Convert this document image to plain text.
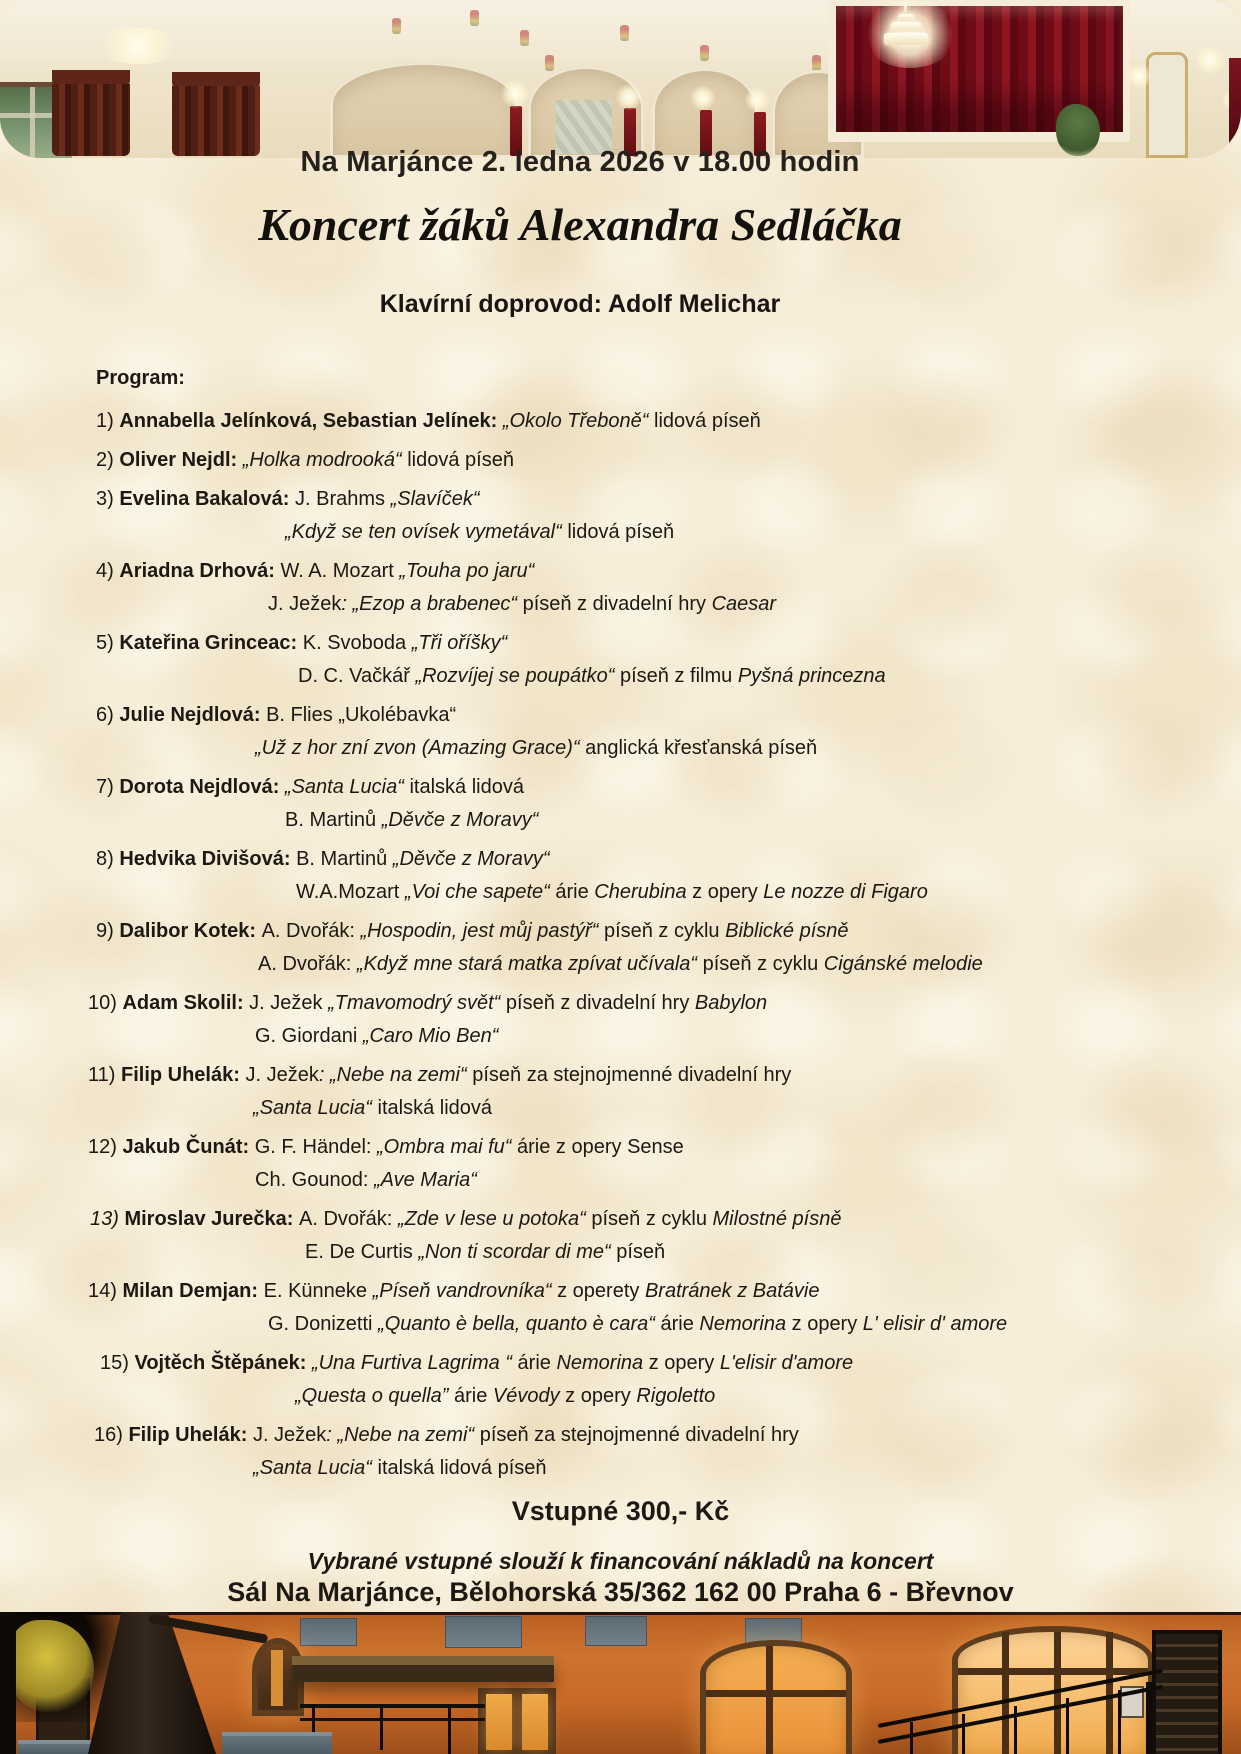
Na Marjánce 2. ledna 2026 v 18.00 hodin
Koncert žáků Alexandra Sedláčka
Klavírní doprovod: Adolf Melichar
Program:
1) Annabella Jelínková, Sebastian Jelínek: „Okolo Třeboně“ lidová píseň
2) Oliver Nejdl: „Holka modrooká“ lidová píseň
3) Evelina Bakalová: J. Brahms „Slavíček“
„Když se ten ovísek vymetával“ lidová píseň
4) Ariadna Drhová: W. A. Mozart „Touha po jaru“
J. Ježek: „Ezop a brabenec“ píseň z divadelní hry Caesar
5) Kateřina Grinceac: K. Svoboda „Tři oříšky“
D. C. Vačkář „Rozvíjej se poupátko“ píseň z filmu Pyšná princezna
6) Julie Nejdlová: B. Flies „Ukolébavka“
„Už z hor zní zvon (Amazing Grace)“ anglická křesťanská píseň
7) Dorota Nejdlová: „Santa Lucia“ italská lidová
B. Martinů „Děvče z Moravy“
8) Hedvika Divišová: B. Martinů „Děvče z Moravy“
W.A.Mozart „Voi che sapete“ árie Cherubina z opery Le nozze di Figaro
9) Dalibor Kotek: A. Dvořák: „Hospodin, jest můj pastýř“ píseň z cyklu Biblické písně
A. Dvořák: „Když mne stará matka zpívat učívala“ píseň z cyklu Cigánské melodie
10) Adam Skolil: J. Ježek „Tmavomodrý svět“ píseň z divadelní hry Babylon
G. Giordani „Caro Mio Ben“
11) Filip Uhelák: J. Ježek: „Nebe na zemi“ píseň za stejnojmenné divadelní hry
„Santa Lucia“ italská lidová
12) Jakub Čunát: G. F. Händel: „Ombra mai fu“ árie z opery Sense
Ch. Gounod: „Ave Maria“
13) Miroslav Jurečka: A. Dvořák: „Zde v lese u potoka“ píseň z cyklu Milostné písně
E. De Curtis „Non ti scordar di me“ píseň
14) Milan Demjan: E. Künneke „Píseň vandrovníka“ z operety Bratránek z Batávie
G. Donizetti „Quanto è bella, quanto è cara“ árie Nemorina z opery L' elisir d' amore
15) Vojtěch Štěpánek: „Una Furtiva Lagrima “ árie Nemorina z opery L'elisir d'amore
„Questa o quella” árie Vévody z opery Rigoletto
16) Filip Uhelák: J. Ježek: „Nebe na zemi“ píseň za stejnojmenné divadelní hry
„Santa Lucia“ italská lidová píseň
Vstupné 300,- Kč
Vybrané vstupné slouží k financování nákladů na koncert
Sál Na Marjánce, Bělohorská 35/362 162 00 Praha 6 - Břevnov
